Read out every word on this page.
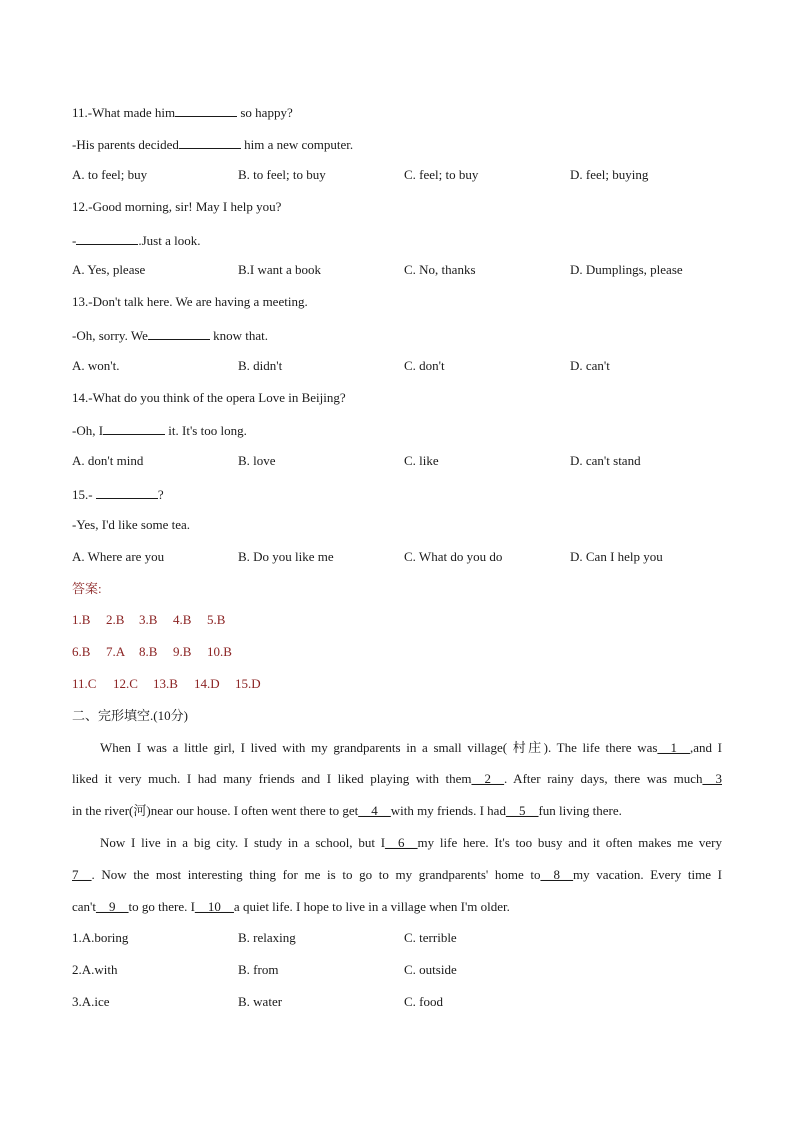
11.-What made him	so happy?
-His parents decided	him a new computer.
A. to feel; buy	B. to feel; to buy	C. feel; to buy	D. feel; buying
12.-Good morning, sir! May I help you?
-	.Just a look.
A. Yes, please	B.I want a book	C. No, thanks	D. Dumplings, please
13.-Don't talk here. We are having a meeting.
-Oh, sorry. We	know that.
A. won't.	B. didn't	C. don't	D. can't
14.-What do you think of the opera Love in Beijing?
-Oh, I	it. It's too long.
A. don't mind	B. love	C. like	D. can't stand
15.-	?
-Yes, I'd like some tea.
A. Where are you	B. Do you like me	C. What do you do	D. Can I help you
答案:
1.B 2.B 3.B 4.B 5.B
6.B 7.A 8.B 9.B 10.B
11.C 12.C 13.B 14.D 15.D
二、完形填空.(10分)
When I was a little girl, I lived with my grandparents in a small village( 村庄). The life there was__1__,and I
liked it very much. I had many friends and I liked playing with them__2__. After rainy days, there was much__3
in the river(河)near our house. I often went there to get__4__with my friends. I had__5__fun living there.
Now I live in a big city. I study in a school, but I__6__my life here. It's too busy and it often makes me very
7__. Now the most interesting thing for me is to go to my grandparents' home to__8__my vacation. Every time I
can't__9__to go there. I__10__a quiet life. I hope to live in a village when I'm older.
1.A.boring	B. relaxing	C. terrible
2.A.with	B. from	C. outside
3.A.ice	B. water	C. food
